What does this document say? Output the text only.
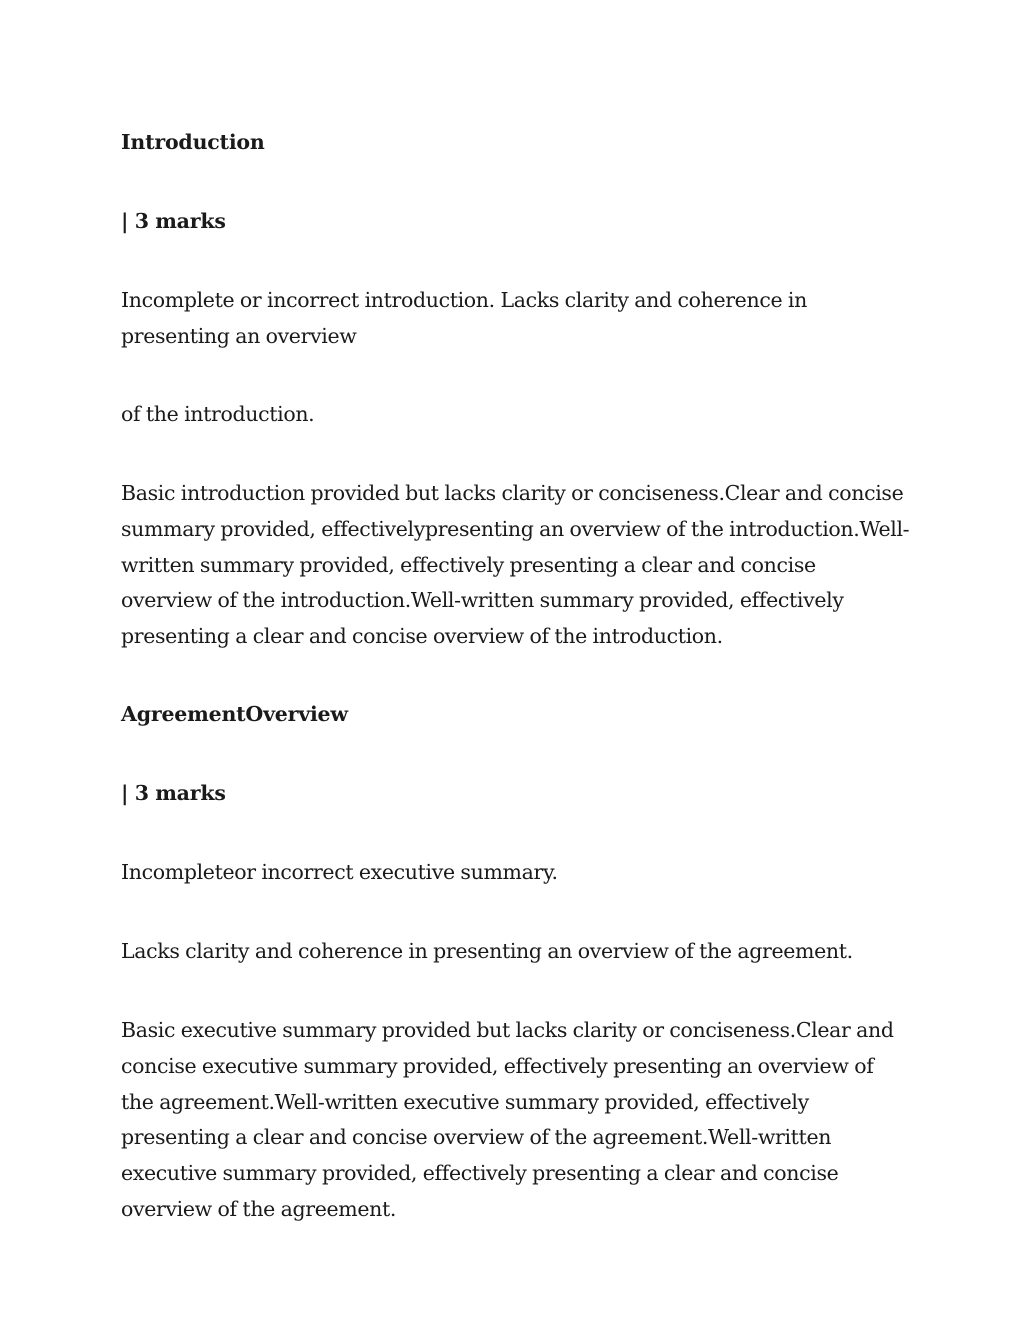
Introduction

| 3 marks

Incomplete or incorrect introduction. Lacks clarity and coherence in presenting an overview

of the introduction.

Basic introduction provided but lacks clarity or conciseness.Clear and concise summary provided, effectivelypresenting an overview of the introduction.Well-written summary provided, effectively presenting a clear and concise overview of the introduction.Well-written summary provided, effectively presenting a clear and concise overview of the introduction.

AgreementOverview

| 3 marks

Incompleteor incorrect executive summary.

Lacks clarity and coherence in presenting an overview of the agreement.

Basic executive summary provided but lacks clarity or conciseness.Clear and concise executive summary provided, effectively presenting an overview of the agreement.Well-written executive summary provided, effectively presenting a clear and concise overview of the agreement.Well-written executive summary provided, effectively presenting a clear and concise overview of the agreement.
